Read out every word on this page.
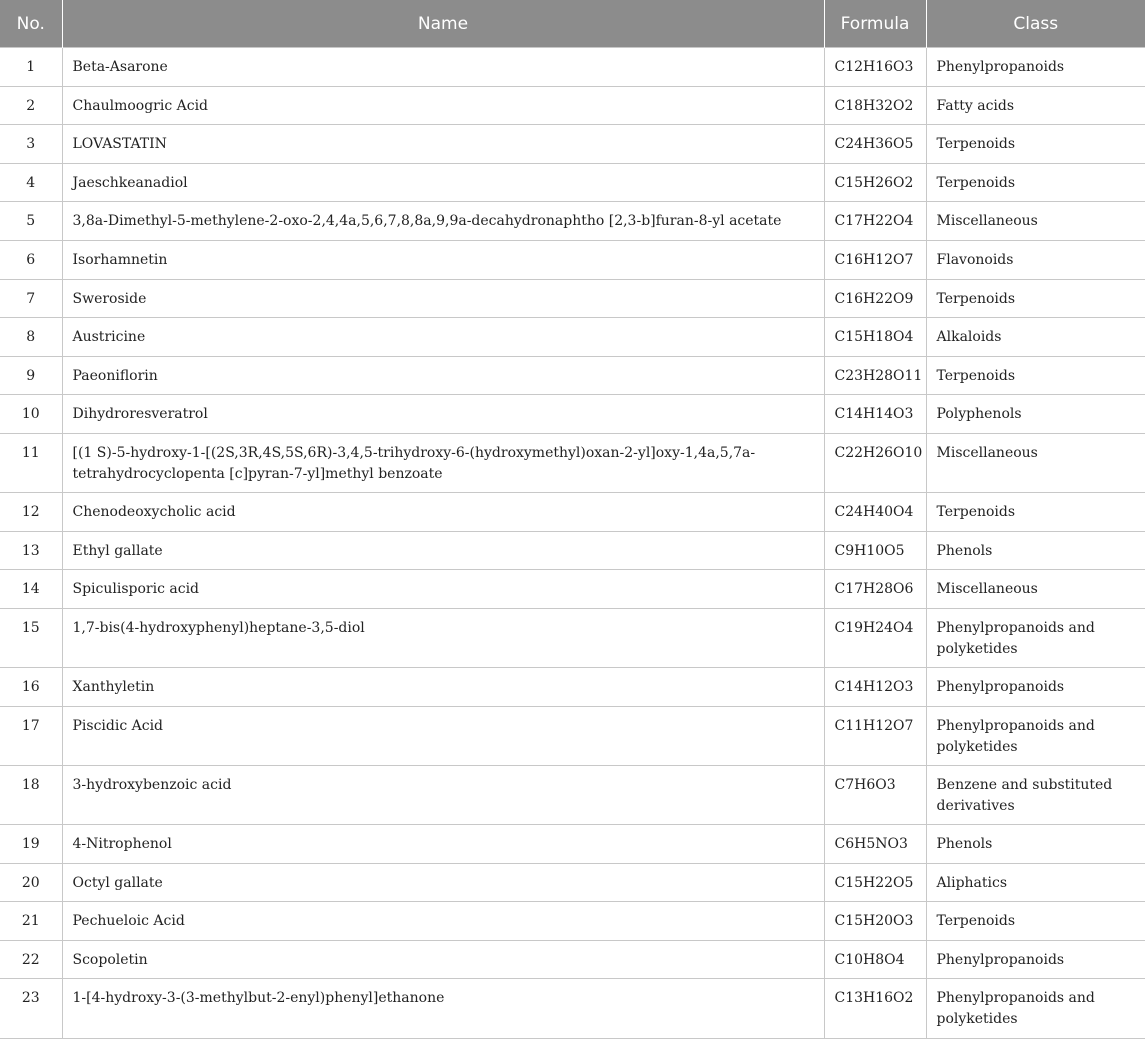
No.	Name	Formula	Class
1	Beta-Asarone	C12H16O3	Phenylpropanoids
2	Chaulmoogric Acid	C18H32O2	Fatty acids
3	LOVASTATIN	C24H36O5	Terpenoids
4	Jaeschkeanadiol	C15H26O2	Terpenoids
5	3,8a-Dimethyl-5-methylene-2-oxo-2,4,4a,5,6,7,8,8a,9,9a-decahydronaphtho [2,3-b]furan-8-yl acetate	C17H22O4	Miscellaneous
6	Isorhamnetin	C16H12O7	Flavonoids
7	Sweroside	C16H22O9	Terpenoids
8	Austricine	C15H18O4	Alkaloids
9	Paeoniflorin	C23H28O11	Terpenoids
10	Dihydroresveratrol	C14H14O3	Polyphenols
11	[(1 S)-5-hydroxy-1-[(2S,3R,4S,5S,6R)-3,4,5-trihydroxy-6-(hydroxymethyl)oxan-2-yl]oxy-1,4a,5,7a-tetrahydrocyclopenta [c]pyran-7-yl]methyl benzoate	C22H26O10	Miscellaneous
12	Chenodeoxycholic acid	C24H40O4	Terpenoids
13	Ethyl gallate	C9H10O5	Phenols
14	Spiculisporic acid	C17H28O6	Miscellaneous
15	1,7-bis(4-hydroxyphenyl)heptane-3,5-diol	C19H24O4	Phenylpropanoids and polyketides
16	Xanthyletin	C14H12O3	Phenylpropanoids
17	Piscidic Acid	C11H12O7	Phenylpropanoids and polyketides
18	3-hydroxybenzoic acid	C7H6O3	Benzene and substituted derivatives
19	4-Nitrophenol	C6H5NO3	Phenols
20	Octyl gallate	C15H22O5	Aliphatics
21	Pechueloic Acid	C15H20O3	Terpenoids
22	Scopoletin	C10H8O4	Phenylpropanoids
23	1-[4-hydroxy-3-(3-methylbut-2-enyl)phenyl]ethanone	C13H16O2	Phenylpropanoids and polyketides
